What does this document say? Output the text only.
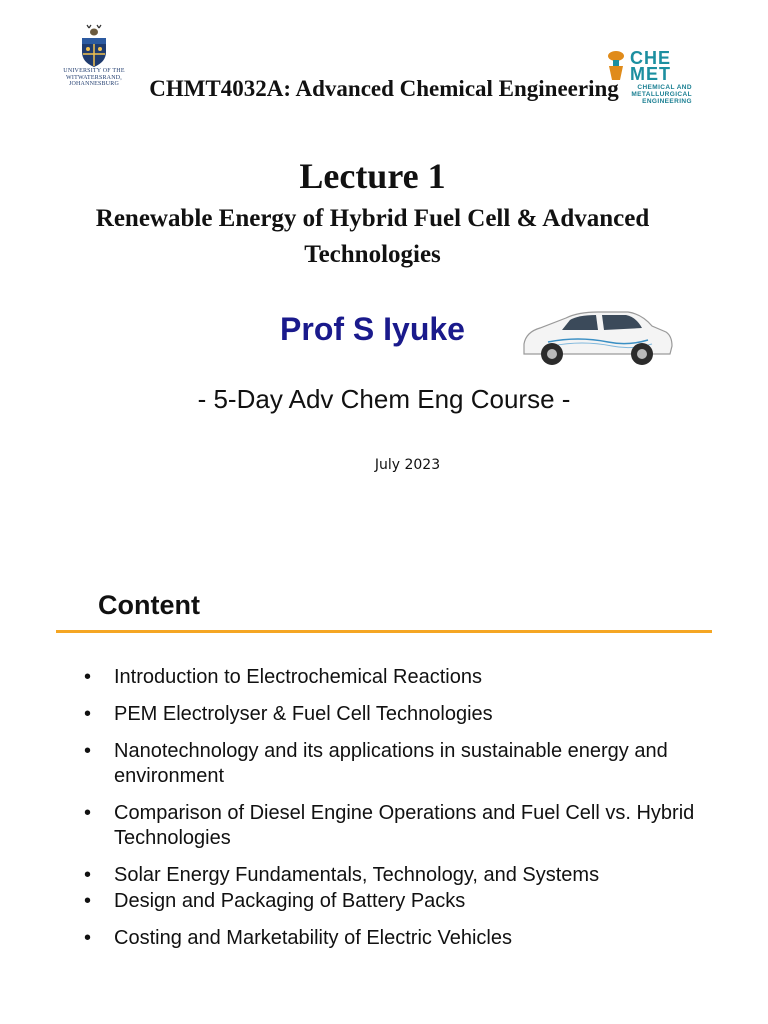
UNIVERSITY OF THE
WITWATERSRAND,
JOHANNESBURG
CHE
MET
CHEMICAL AND
METALLURGICAL
ENGINEERING
CHMT4032A: Advanced Chemical Engineering
Lecture 1
Renewable Energy of Hybrid Fuel Cell & Advanced Technologies
Prof S Iyuke
- 5-Day Adv Chem Eng Course -
July 2023
Content
• Introduction to Electrochemical Reactions
• PEM Electrolyser & Fuel Cell Technologies
• Nanotechnology and its applications in sustainable energy and environment
• Comparison of Diesel Engine Operations and Fuel Cell vs. Hybrid Technologies
• Solar Energy Fundamentals, Technology, and Systems
• Design and Packaging of Battery Packs
• Costing and Marketability of Electric Vehicles
